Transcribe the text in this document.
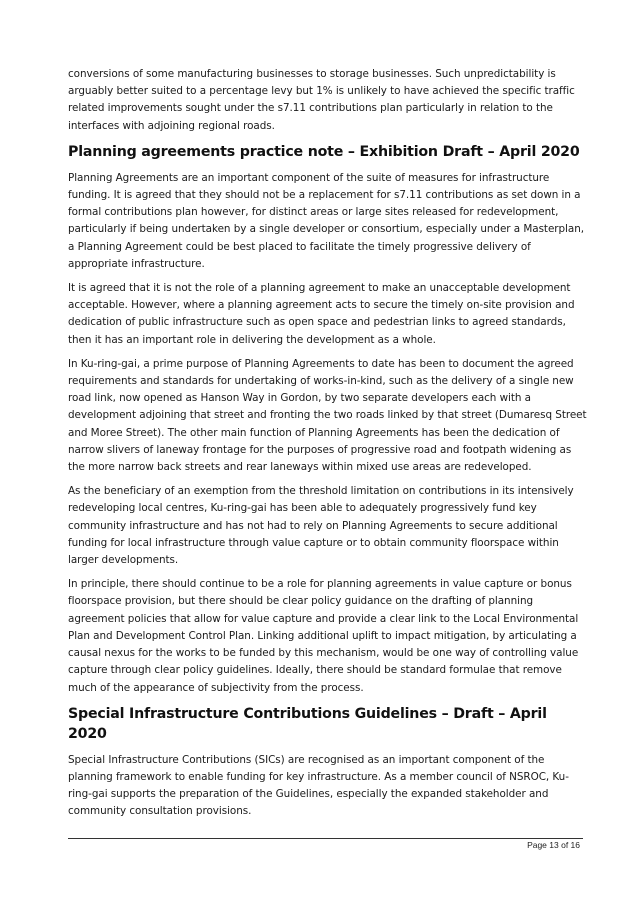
conversions of some manufacturing businesses to storage businesses. Such unpredictability is arguably better suited to a percentage levy but 1% is unlikely to have achieved the specific traffic related improvements sought under the s7.11 contributions plan particularly in relation to the interfaces with adjoining regional roads.

Planning agreements practice note – Exhibition Draft – April 2020

Planning Agreements are an important component of the suite of measures for infrastructure funding. It is agreed that they should not be a replacement for s7.11 contributions as set down in a formal contributions plan however, for distinct areas or large sites released for redevelopment, particularly if being undertaken by a single developer or consortium, especially under a Masterplan, a Planning Agreement could be best placed to facilitate the timely progressive delivery of appropriate infrastructure.

It is agreed that it is not the role of a planning agreement to make an unacceptable development acceptable. However, where a planning agreement acts to secure the timely on-site provision and dedication of public infrastructure such as open space and pedestrian links to agreed standards, then it has an important role in delivering the development as a whole.

In Ku-ring-gai, a prime purpose of Planning Agreements to date has been to document the agreed requirements and standards for undertaking of works-in-kind, such as the delivery of a single new road link, now opened as Hanson Way in Gordon, by two separate developers each with a development adjoining that street and fronting the two roads linked by that street (Dumaresq Street and Moree Street). The other main function of Planning Agreements has been the dedication of narrow slivers of laneway frontage for the purposes of progressive road and footpath widening as the more narrow back streets and rear laneways within mixed use areas are redeveloped.

As the beneficiary of an exemption from the threshold limitation on contributions in its intensively redeveloping local centres, Ku-ring-gai has been able to adequately progressively fund key community infrastructure and has not had to rely on Planning Agreements to secure additional funding for local infrastructure through value capture or to obtain community floorspace within larger developments.

In principle, there should continue to be a role for planning agreements in value capture or bonus floorspace provision, but there should be clear policy guidance on the drafting of planning agreement policies that allow for value capture and provide a clear link to the Local Environmental Plan and Development Control Plan. Linking additional uplift to impact mitigation, by articulating a causal nexus for the works to be funded by this mechanism, would be one way of controlling value capture through clear policy guidelines. Ideally, there should be standard formulae that remove much of the appearance of subjectivity from the process.

Special Infrastructure Contributions Guidelines – Draft – April 2020

Special Infrastructure Contributions (SICs) are recognised as an important component of the planning framework to enable funding for key infrastructure. As a member council of NSROC, Ku-ring-gai supports the preparation of the Guidelines, especially the expanded stakeholder and community consultation provisions.

Page 13 of 16
